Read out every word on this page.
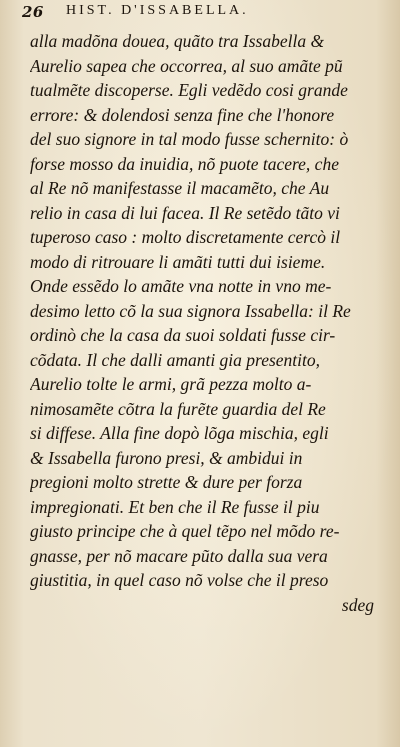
26 HIST. D'ISSABELLA.
alla madõna douea, quãto tra Issabella &
Aurelio sapea che occorrea, al suo amãte pũ
tualmẽte discoperse. Egli vedẽdo cosi grande
errore: & dolendosi senza fine che l'honore
del suo signore in tal modo fusse schernito: ò
forse mosso da inuidia, nõ puote tacere, che
al Re nõ manifestasse il macamẽto, che Au
relio in casa di lui facea. Il Re setẽdo tãto vi
tuperoso caso : molto discretamente cercò il
modo di ritrouare li amãti tutti dui isieme.
Onde essẽdo lo amãte vna notte in vno me-
desimo letto cõ la sua signora Issabella: il Re
ordinò che la casa da suoi soldati fusse cir-
cõdata. Il che dalli amanti gia presentito,
Aurelio tolte le armi, grã pezza molto a-
nimosamẽte cõtra la furẽte guardia del Re
si diffese. Alla fine dopò lõga mischia, egli
& Issabella furono presi, & ambidui in
pregioni molto strette & dure per forza
impregionati. Et ben che il Re fusse il piu
giusto principe che à quel tẽpo nel mõdo re-
gnasse, per nõ macare pũto dalla sua vera
giustitia, in quel caso nõ volse che il preso
sdeg
